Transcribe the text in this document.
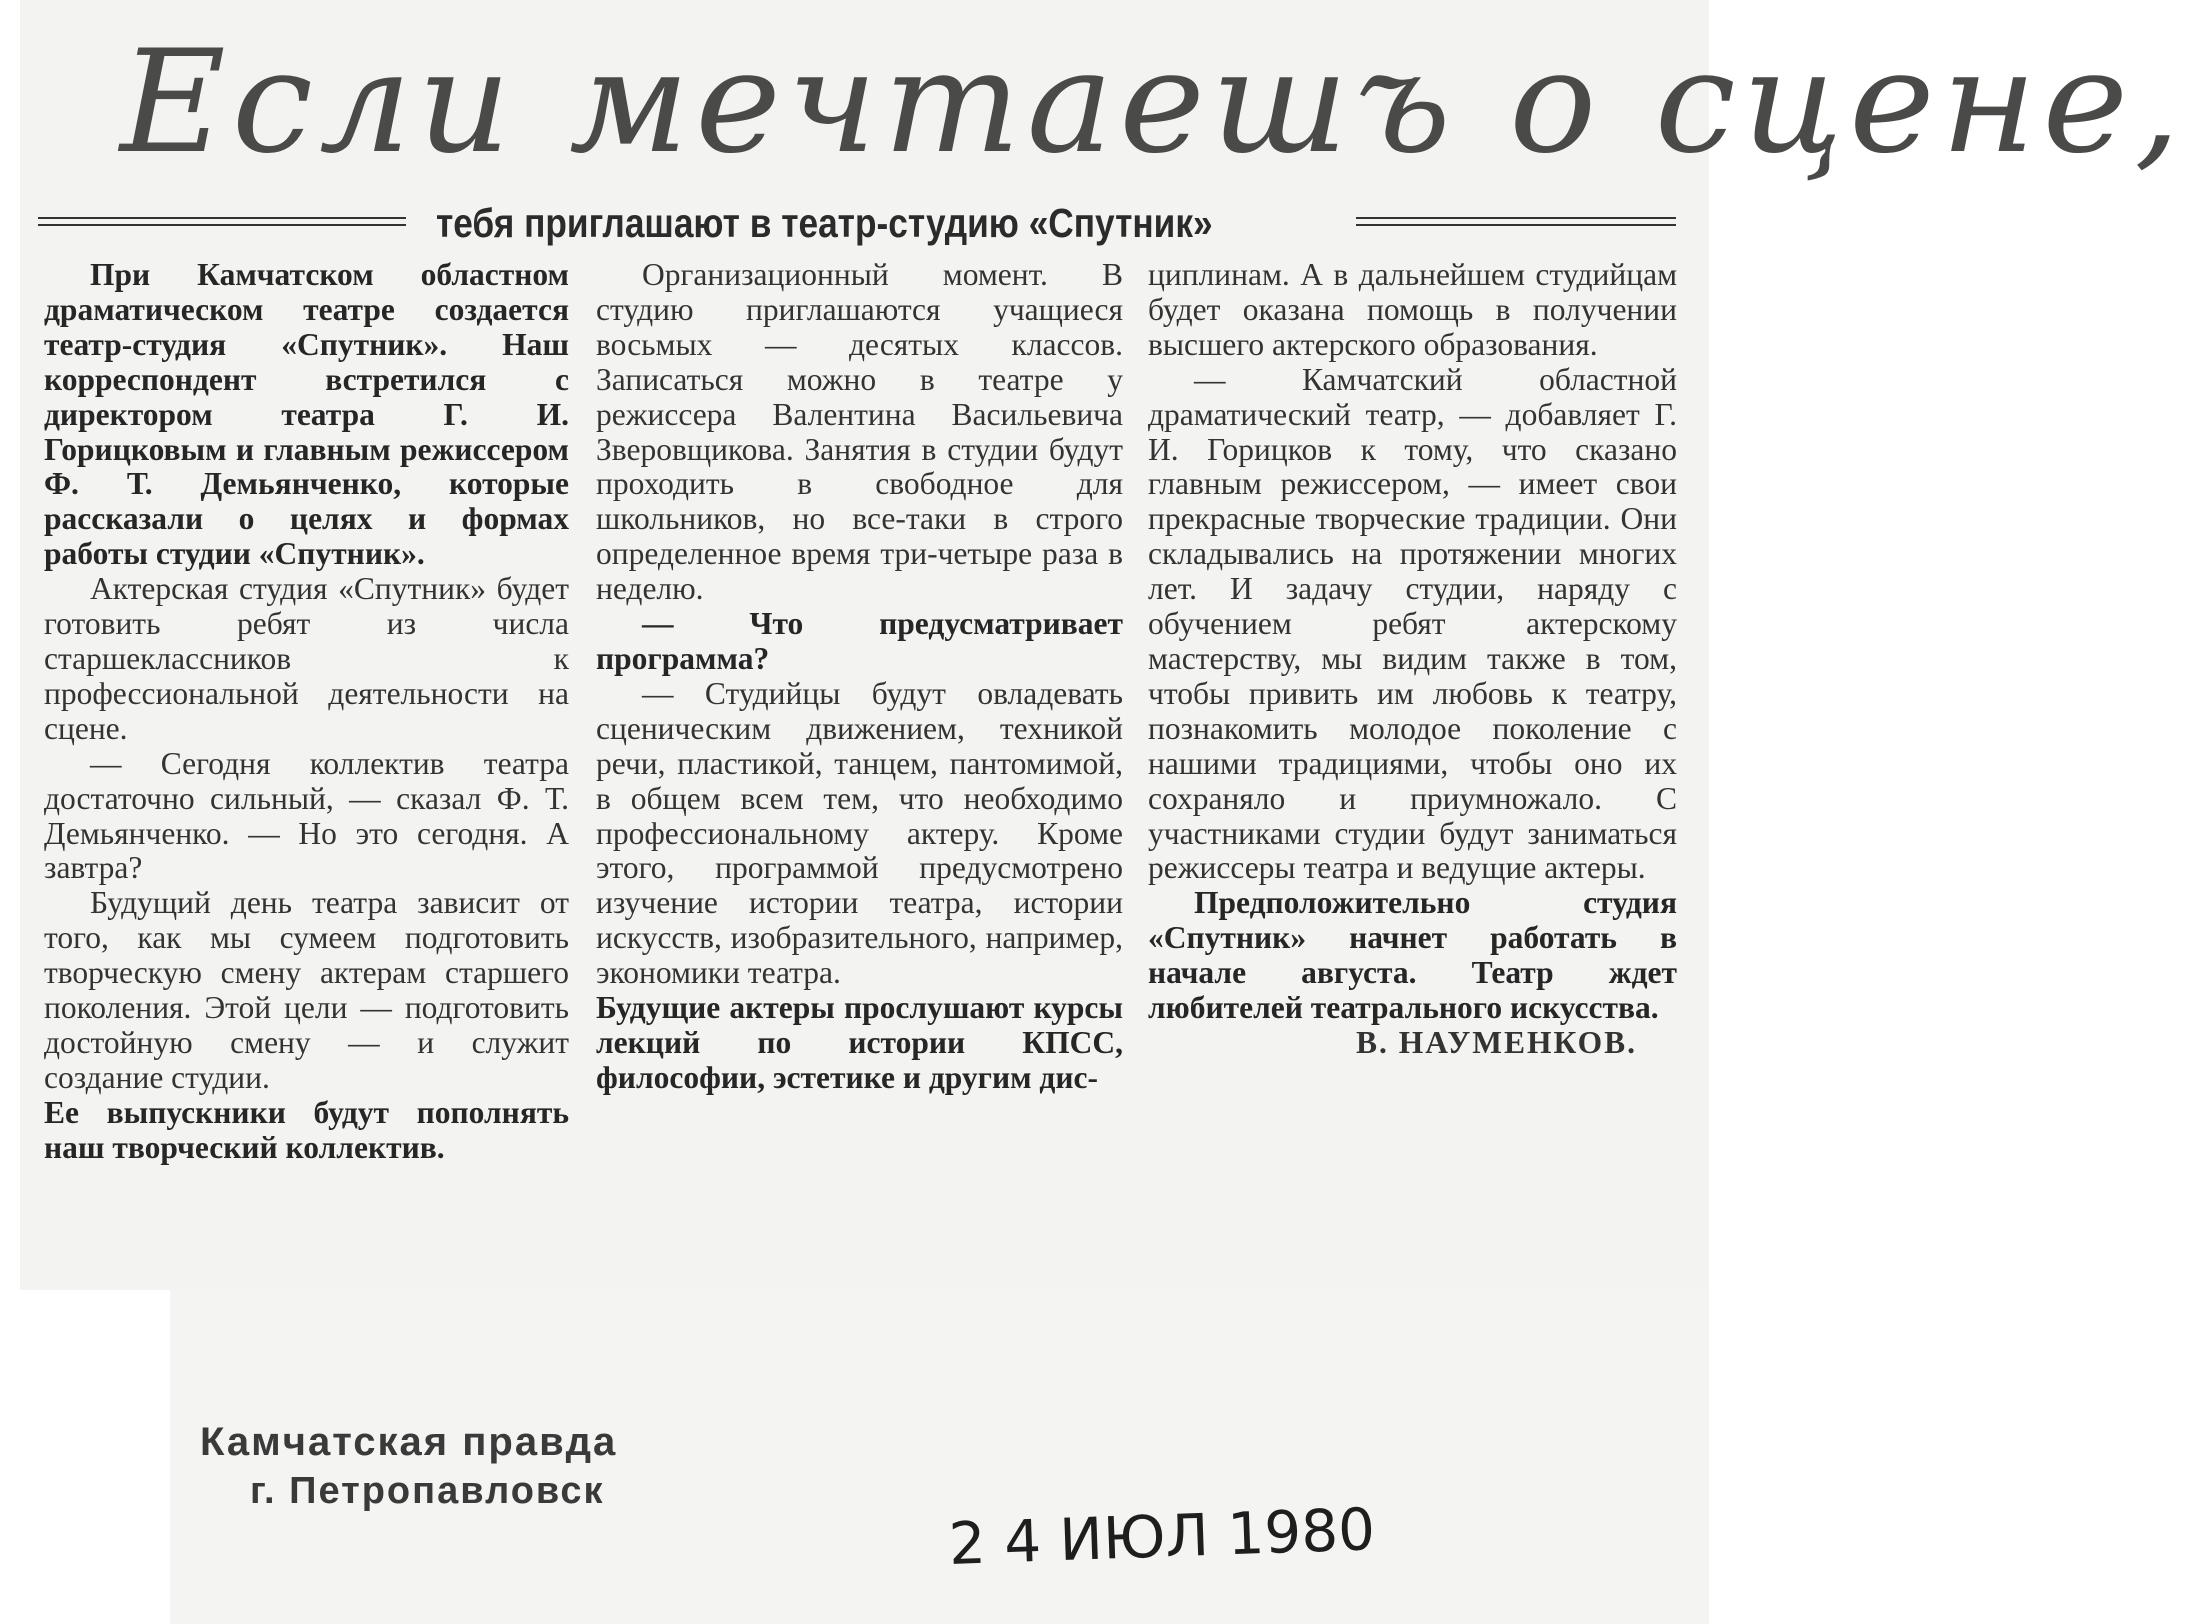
Если мечтаешъ о сцене,
тебя приглашают в театр-студию «Спутник»

При Камчатском областном драматическом театре создается театр-студия «Спутник». Наш корреспондент встретился с директором театра Г. И. Горицковым и главным режиссером Ф. Т. Демьянченко, которые рассказали о целях и формах работы студии «Спутник».

Актерская студия «Спутник» будет готовить ребят из числа старшеклассников к профессиональной деятельности на сцене.

— Сегодня коллектив театра достаточно сильный, — сказал Ф. Т. Демьянченко. — Но это сегодня. А завтра?

Будущий день театра зависит от того, как мы сумеем подготовить творческую смену актерам старшего поколения. Этой цели — подготовить достойную смену — и служит создание студии.

Ее выпускники будут пополнять наш творческий коллектив.

Организационный момент. В студию приглашаются учащиеся восьмых — десятых классов. Записаться можно в театре у режиссера Валентина Васильевича Зверовщикова. Занятия в студии будут проходить в свободное для школьников, но все-таки в строго определенное время три-четыре раза в неделю.

— Что предусматривает программа?

— Студийцы будут овладевать сценическим движением, техникой речи, пластикой, танцем, пантомимой, в общем всем тем, что необходимо профессиональному актеру. Кроме этого, программой предусмотрено изучение истории театра, истории искусств, изобразительного, например, экономики театра.

Будущие актеры прослушают курсы лекций по истории КПСС, философии, эстетике и другим дис-

циплинам. А в дальнейшем студийцам будет оказана помощь в получении высшего актерского образования.

— Камчатский областной драматический театр, — добавляет Г. И. Горицков к тому, что сказано главным режиссером, — имеет свои прекрасные творческие традиции. Они складывались на протяжении многих лет. И задачу студии, наряду с обучением ребят актерскому мастерству, мы видим также в том, чтобы привить им любовь к театру, познакомить молодое поколение с нашими традициями, чтобы оно их сохраняло и приумножало. С участниками студии будут заниматься режиссеры театра и ведущие актеры.

Предположительно студия «Спутник» начнет работать в начале августа. Театр ждет любителей театрального искусства.

В. НАУМЕНКОВ.

Камчатская правда
г. Петропавловск
2 4 ИЮЛ 1980
